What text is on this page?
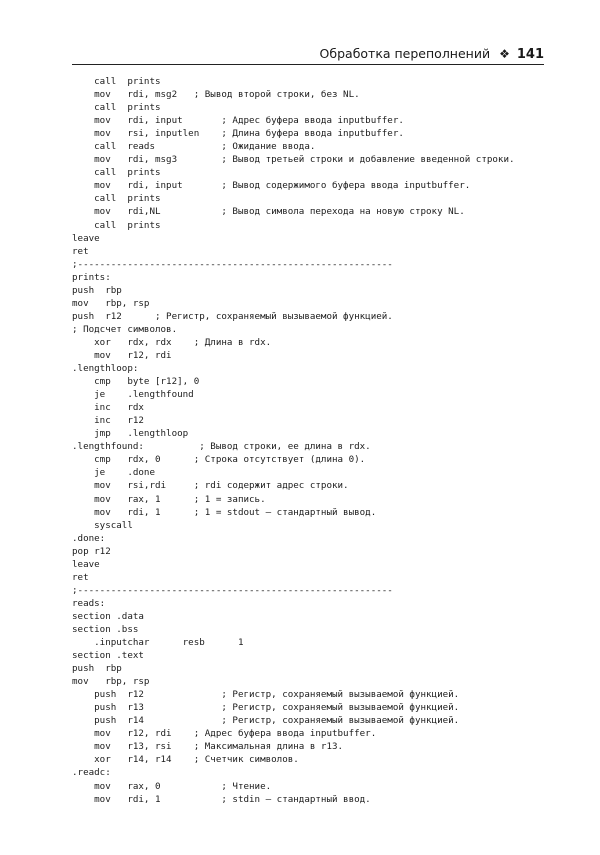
Обработка переполнений ❖ 141
call  prints
mov   rdi, msg2   ; Вывод второй строки, без NL.
call  prints
mov   rdi, input       ; Адрес буфера ввода inputbuffer.
mov   rsi, inputlen    ; Длина буфера ввода inputbuffer.
call  reads            ; Ожидание ввода.
mov   rdi, msg3        ; Вывод третьей строки и добавление введенной строки.
call  prints
mov   rdi, input       ; Вывод содержимого буфера ввода inputbuffer.
call  prints
mov   rdi,NL           ; Вывод символа перехода на новую строку NL.
call  prints
leave
ret
;---------------------------------------------------------
prints:
push  rbp
mov   rbp, rsp
push  r12      ; Регистр, сохраняемый вызываемой функцией.
; Подсчет символов.
xor   rdx, rdx    ; Длина в rdx.
mov   r12, rdi
.lengthloop:
cmp   byte [r12], 0
je    .lengthfound
inc   rdx
inc   r12
jmp   .lengthloop
.lengthfound:          ; Вывод строки, ее длина в rdx.
cmp   rdx, 0      ; Строка отсутствует (длина 0).
je    .done
mov   rsi,rdi     ; rdi содержит адрес строки.
mov   rax, 1      ; 1 = запись.
mov   rdi, 1      ; 1 = stdout – стандартный вывод.
syscall
.done:
pop r12
leave
ret
;---------------------------------------------------------
reads:
section .data
section .bss
.inputchar      resb      1
section .text
push  rbp
mov   rbp, rsp
push  r12              ; Регистр, сохраняемый вызываемой функцией.
push  r13              ; Регистр, сохраняемый вызываемой функцией.
push  r14              ; Регистр, сохраняемый вызываемой функцией.
mov   r12, rdi    ; Адрес буфера ввода inputbuffer.
mov   r13, rsi    ; Максимальная длина в r13.
xor   r14, r14    ; Счетчик символов.
.readc:
mov   rax, 0           ; Чтение.
mov   rdi, 1           ; stdin – стандартный ввод.
